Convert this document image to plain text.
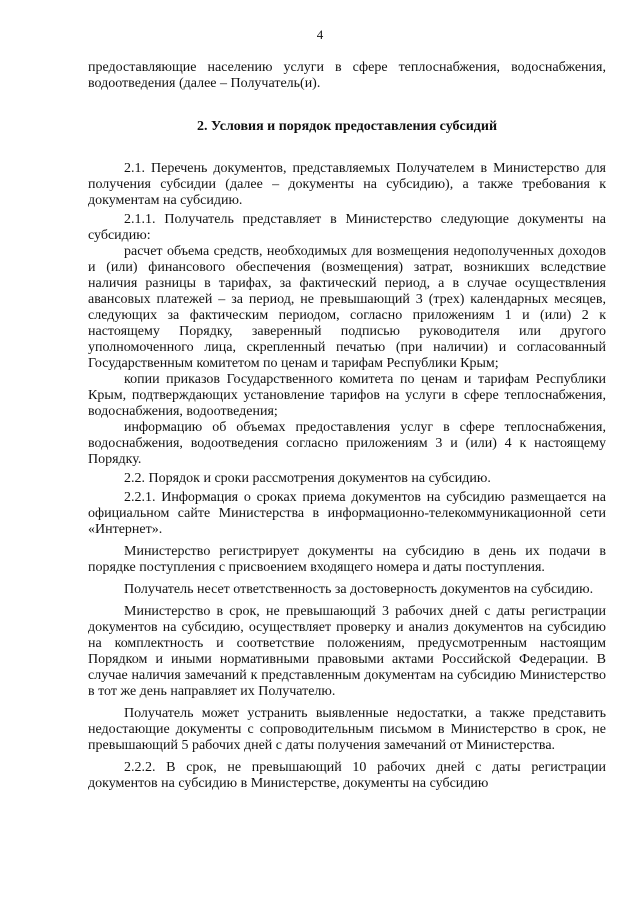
4

предоставляющие населению услуги в сфере теплоснабжения, водоснабжения, водоотведения (далее – Получатель(и).

2. Условия и порядок предоставления субсидий

2.1. Перечень документов, представляемых Получателем в Министерство для получения субсидии (далее – документы на субсидию), а также требования к документам на субсидию.

2.1.1. Получатель представляет в Министерство следующие документы на субсидию:

расчет объема средств, необходимых для возмещения недополученных доходов и (или) финансового обеспечения (возмещения) затрат, возникших вследствие наличия разницы в тарифах, за фактический период, а в случае осуществления авансовых платежей – за период, не превышающий 3 (трех) календарных месяцев, следующих за фактическим периодом, согласно приложениям 1 и (или) 2 к настоящему Порядку, заверенный подписью руководителя или другого уполномоченного лица, скрепленный печатью (при наличии) и согласованный Государственным комитетом по ценам и тарифам Республики Крым;

копии приказов Государственного комитета по ценам и тарифам Республики Крым, подтверждающих установление тарифов на услуги в сфере теплоснабжения, водоснабжения, водоотведения;

информацию об объемах предоставления услуг в сфере теплоснабжения, водоснабжения, водоотведения согласно приложениям 3 и (или) 4 к настоящему Порядку.

2.2. Порядок и сроки рассмотрения документов на субсидию.

2.2.1. Информация о сроках приема документов на субсидию размещается на официальном сайте Министерства в информационно-телекоммуникационной сети «Интернет».

Министерство регистрирует документы на субсидию в день их подачи в порядке поступления с присвоением входящего номера и даты поступления.

Получатель несет ответственность за достоверность документов на субсидию.

Министерство в срок, не превышающий 3 рабочих дней с даты регистрации документов на субсидию, осуществляет проверку и анализ документов на субсидию на комплектность и соответствие положениям, предусмотренным настоящим Порядком и иными нормативными правовыми актами Российской Федерации. В случае наличия замечаний к представленным документам на субсидию Министерство в тот же день направляет их Получателю.

Получатель может устранить выявленные недостатки, а также представить недостающие документы с сопроводительным письмом в Министерство в срок, не превышающий 5 рабочих дней с даты получения замечаний от Министерства.

2.2.2. В срок, не превышающий 10 рабочих дней с даты регистрации документов на субсидию в Министерстве, документы на субсидию
